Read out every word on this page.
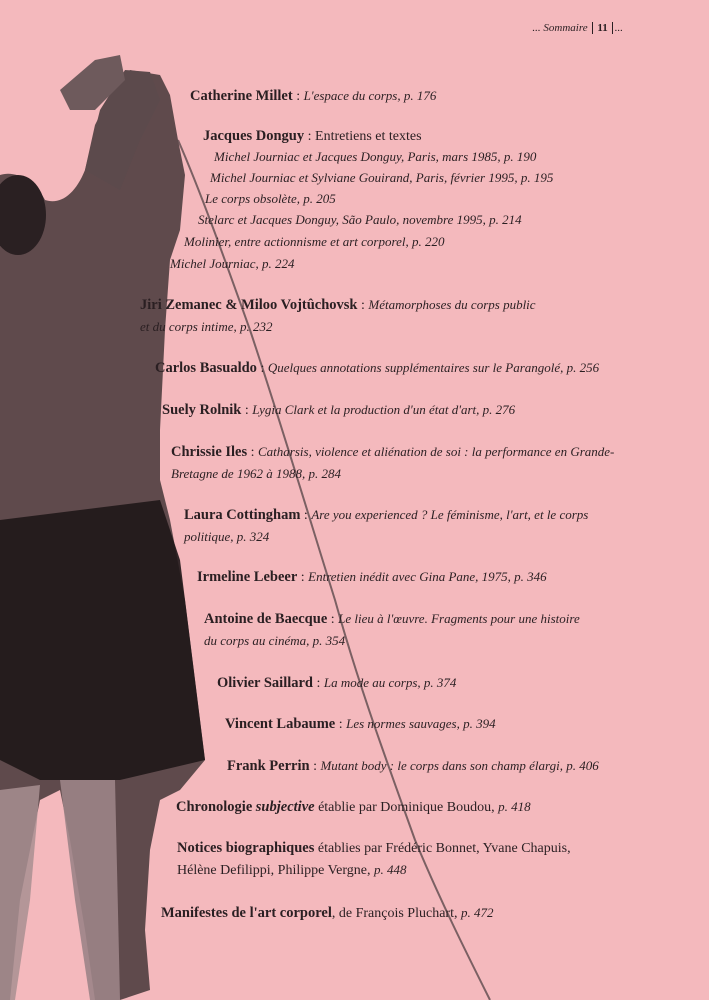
... Sommaire 11 ...
Catherine Millet : L'espace du corps, p. 176
Jacques Donguy : Entretiens et textes
Michel Journiac et Jacques Donguy, Paris, mars 1985, p. 190
Michel Journiac et Sylviane Gouirand, Paris, février 1995, p. 195
Le corps obsolète, p. 205
Stelarc et Jacques Donguy, São Paulo, novembre 1995, p. 214
Molinier, entre actionnisme et art corporel, p. 220
Michel Journiac, p. 224
Jiri Zemanec & Miloo Vojtûchovsk : Métamorphoses du corps public
et du corps intime, p. 232
Carlos Basualdo : Quelques annotations supplémentaires sur le Parangolé, p. 256
Suely Rolnik : Lygia Clark et la production d'un état d'art, p. 276
Chrissie Iles : Catharsis, violence et aliénation de soi : la performance en Grande-
Bretagne de 1962 à 1988, p. 284
Laura Cottingham : Are you experienced ? Le féminisme, l'art, et le corps
politique, p. 324
Irmeline Lebeer : Entretien inédit avec Gina Pane, 1975, p. 346
Antoine de Baecque : Le lieu à l'œuvre. Fragments pour une histoire
du corps au cinéma, p. 354
Olivier Saillard : La mode au corps, p. 374
Vincent Labaume : Les normes sauvages, p. 394
Frank Perrin : Mutant body : le corps dans son champ élargi, p. 406
Chronologie subjective établie par Dominique Boudou, p. 418
Notices biographiques établies par Frédéric Bonnet, Yvane Chapuis,
Hélène Defilippi, Philippe Vergne, p. 448
Manifestes de l'art corporel, de François Pluchart, p. 472
